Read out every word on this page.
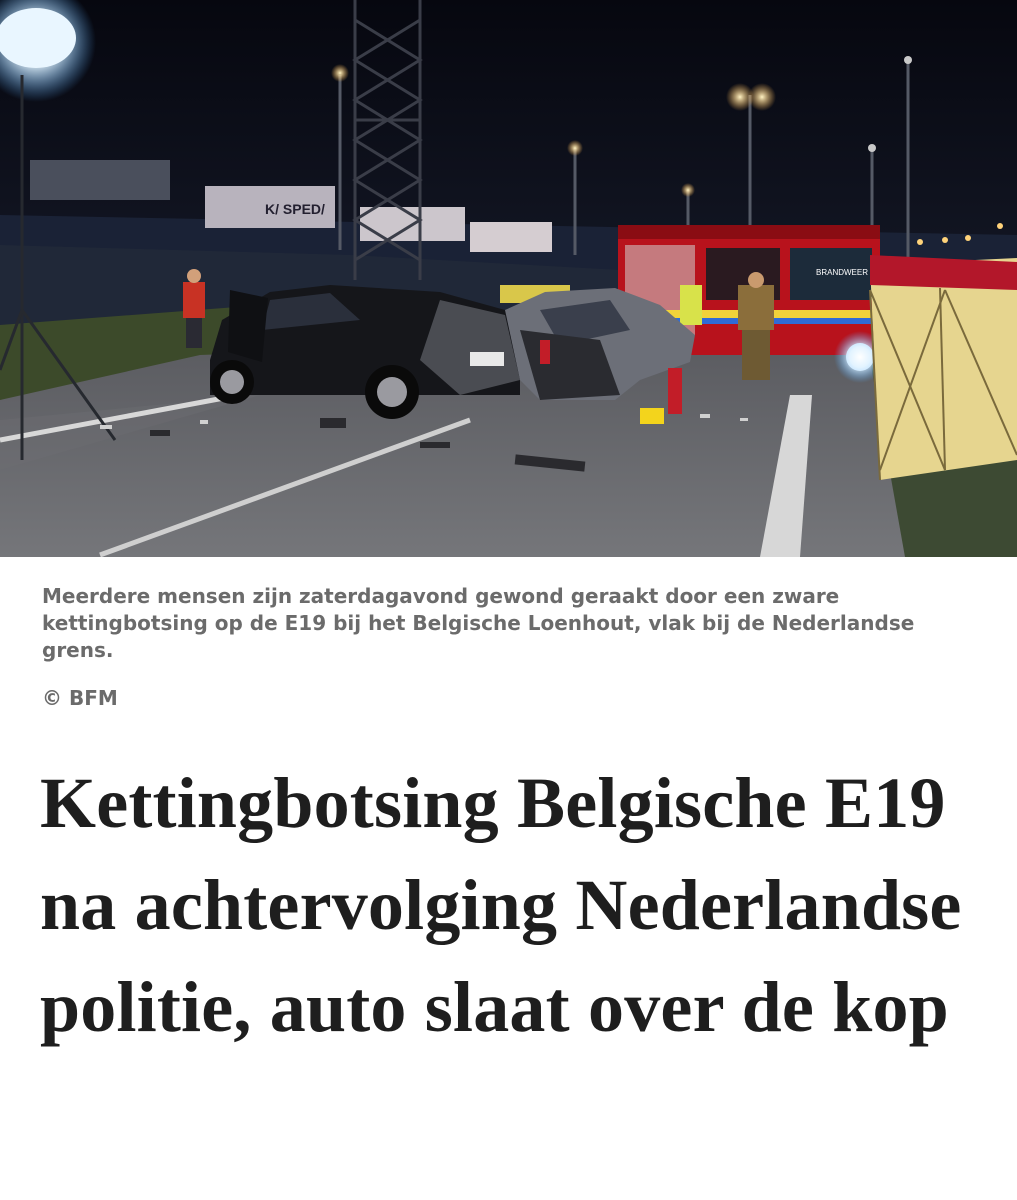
K/ SPED/
BRANDWEER

Meerdere mensen zijn zaterdagavond gewond geraakt door een zware kettingbotsing op de E19 bij het Belgische Loenhout, vlak bij de Nederlandse grens.

© BFM
Kettingbotsing Belgische E19 na achtervolging Nederlandse politie, auto slaat over de kop
